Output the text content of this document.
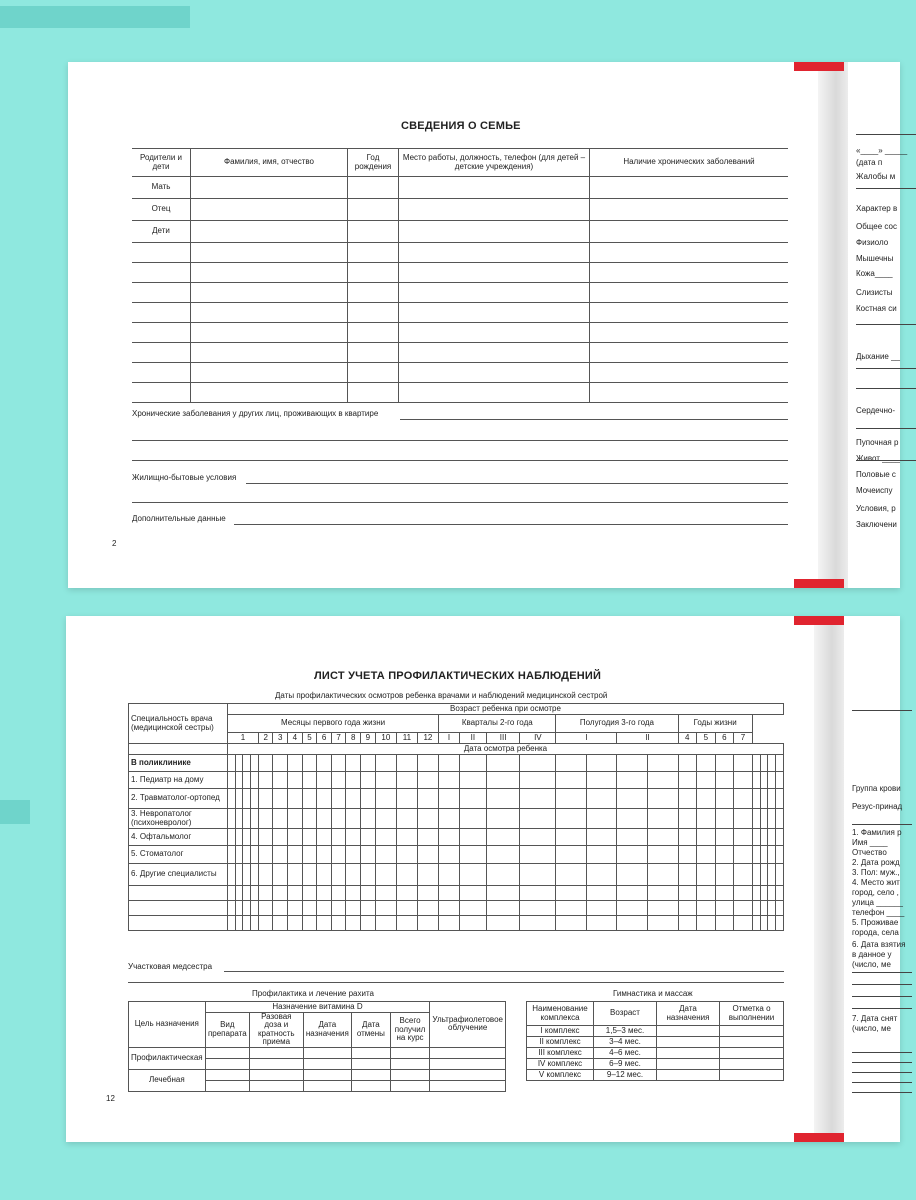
СВЕДЕНИЯ О СЕМЬЕ
Родители и дети	Фамилия, имя, отчество	Год рождения	Место работы, должность, телефон (для детей – детские учреждения)	Наличие хронических заболеваний
Мать				
Отец				
Дети				

Хронические заболевания у других лиц, проживающих в квартире
Жилищно-бытовые условия
Дополнительные данные
2
«____» _____
(дата п
Жалобы м
Характер в
Общее сос
Физиоло
Мышечны
Кожа____
Слизисты
Костная си
Дыхание __
Сердечно-
Пупочная р
Живот ____
Половые с
Мочеиспу
Условия, р
Заключени
ЛИСТ УЧЕТА ПРОФИЛАКТИЧЕСКИХ НАБЛЮДЕНИЙ
Даты профилактических осмотров ребенка врачами и наблюдений медицинской сестрой
Специальность врача (медицинской сестры)	Возраст ребенка при осмотре																														
	Месяцы первого года жизни															Кварталы 2-го года				Полугодия 3-го года				Годы жизни							
	1				2	3	4	5	6	7	8	9	10	11	12	I	II	III	IV	I		II		4	5	6	7				
	Дата осмотра ребенка																														
В поликлинике																															
1. Педиатр на дому																															
2. Травматолог-ортопед																															
3. Невропатолог (психоневролог)																															
4. Офтальмолог																															
5. Стоматолог																															
6. Другие специалисты																															

Участковая медсестра
Профилактика и лечение рахита
Цель назначения	Назначение витамина D					Ультрафиолетовое облучение
	Вид препарата	Разовая доза и кратность приема	Дата назначения	Дата отмены	Всего получил на курс	
Профилактическая						

Лечебная						

Гимнастика и массаж
Наименование комплекса	Возраст	Дата назначения	Отметка о выполнении
I комплекс	1,5–3 мес.		
II комплекс	3–4 мес.		
III комплекс	4–6 мес.		
IV комплекс	6–9 мес.		
V комплекс	9–12 мес.		
12
Группа крови
Резус-принад
1. Фамилия р
Имя ____
Отчество
2. Дата рожд
3. Пол: муж.,
4. Место жит
город, село ,
улица ______
телефон ____
5. Проживае
города, села
6. Дата взятия
в данное у
(число, ме
7. Дата снят
(число, ме
